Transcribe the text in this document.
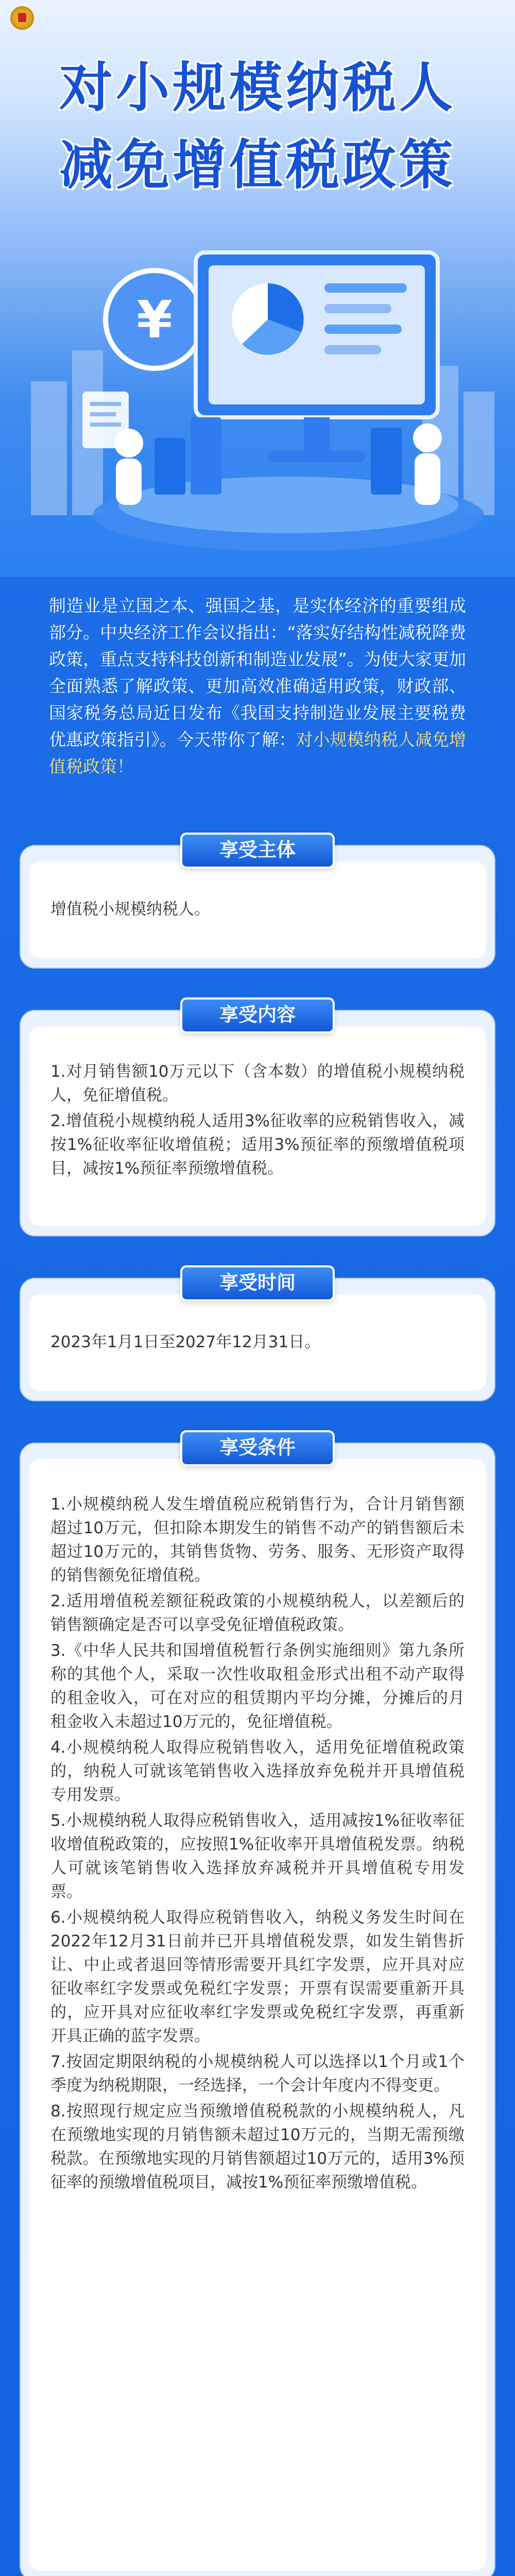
对小规模纳税人
减免增值税政策
¥
制造业是立国之本、强国之基，是实体经济的重要组成部分。中央经济工作会议指出：“落实好结构性减税降费政策，重点支持科技创新和制造业发展”。为使大家更加全面熟悉了解政策、更加高效准确适用政策，财政部、国家税务总局近日发布《我国支持制造业发展主要税费优惠政策指引》。今天带你了解：对小规模纳税人减免增值税政策！
享受主体

增值税小规模纳税人。

享受内容

1.对月销售额10万元以下（含本数）的增值税小规模纳税人，免征增值税。

2.增值税小规模纳税人适用3%征收率的应税销售收入，减按1%征收率征收增值税；适用3%预征率的预缴增值税项目，减按1%预征率预缴增值税。

享受时间

2023年1月1日至2027年12月31日。

享受条件

1.小规模纳税人发生增值税应税销售行为，合计月销售额超过10万元，但扣除本期发生的销售不动产的销售额后未超过10万元的，其销售货物、劳务、服务、无形资产取得的销售额免征增值税。

2.适用增值税差额征税政策的小规模纳税人，以差额后的销售额确定是否可以享受免征增值税政策。

3.《中华人民共和国增值税暂行条例实施细则》第九条所称的其他个人，采取一次性收取租金形式出租不动产取得的租金收入，可在对应的租赁期内平均分摊，分摊后的月租金收入未超过10万元的，免征增值税。

4.小规模纳税人取得应税销售收入，适用免征增值税政策的，纳税人可就该笔销售收入选择放弃免税并开具增值税专用发票。

5.小规模纳税人取得应税销售收入，适用减按1%征收率征收增值税政策的，应按照1%征收率开具增值税发票。纳税人可就该笔销售收入选择放弃减税并开具增值税专用发票。

6.小规模纳税人取得应税销售收入，纳税义务发生时间在2022年12月31日前并已开具增值税发票，如发生销售折让、中止或者退回等情形需要开具红字发票，应开具对应征收率红字发票或免税红字发票；开票有误需要重新开具的，应开具对应征收率红字发票或免税红字发票，再重新开具正确的蓝字发票。

7.按固定期限纳税的小规模纳税人可以选择以1个月或1个季度为纳税期限，一经选择，一个会计年度内不得变更。

8.按照现行规定应当预缴增值税税款的小规模纳税人，凡在预缴地实现的月销售额未超过10万元的，当期无需预缴税款。在预缴地实现的月销售额超过10万元的，适用3%预征率的预缴增值税项目，减按1%预征率预缴增值税。
